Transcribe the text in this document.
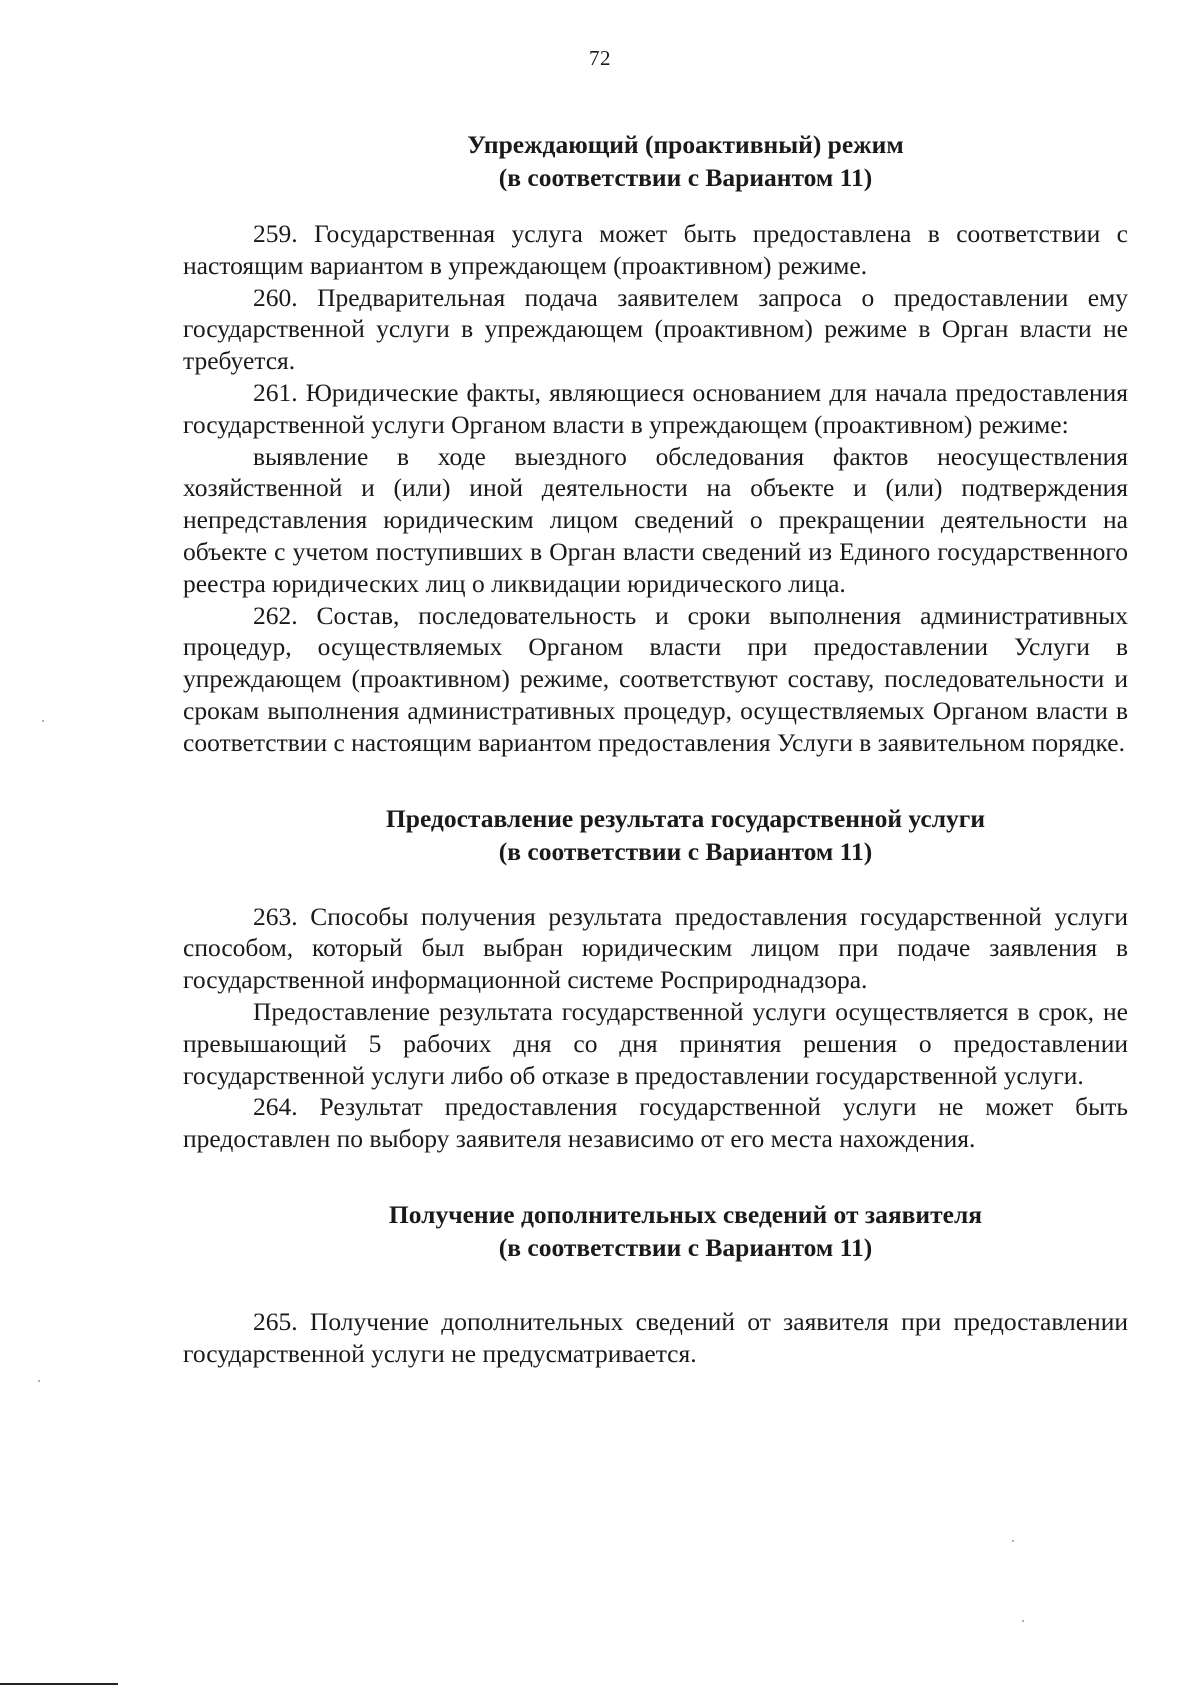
72
Упреждающий (проактивный) режим
(в соответствии с Вариантом 11)

259. Государственная услуга может быть предоставлена в соответствии с настоящим вариантом в упреждающем (проактивном) режиме.

260. Предварительная подача заявителем запроса о предоставлении ему государственной услуги в упреждающем (проактивном) режиме в Орган власти не требуется.

261. Юридические факты, являющиеся основанием для начала предоставления государственной услуги Органом власти в упреждающем (проактивном) режиме:

выявление в ходе выездного обследования фактов неосуществления хозяйственной и (или) иной деятельности на объекте и (или) подтверждения непредставления юридическим лицом сведений о прекращении деятельности на объекте с учетом поступивших в Орган власти сведений из Единого государственного реестра юридических лиц о ликвидации юридического лица.

262. Состав, последовательность и сроки выполнения административных процедур, осуществляемых Органом власти при предоставлении Услуги в упреждающем (проактивном) режиме, соответствуют составу, последовательности и срокам выполнения административных процедур, осуществляемых Органом власти в соответствии с настоящим вариантом предоставления Услуги в заявительном порядке.

Предоставление результата государственной услуги
(в соответствии с Вариантом 11)

263. Способы получения результата предоставления государственной услуги способом, который был выбран юридическим лицом при подаче заявления в государственной информационной системе Росприроднадзора.

Предоставление результата государственной услуги осуществляется в срок, не превышающий 5 рабочих дня со дня принятия решения о предоставлении государственной услуги либо об отказе в предоставлении государственной услуги.

264. Результат предоставления государственной услуги не может быть предоставлен по выбору заявителя независимо от его места нахождения.

Получение дополнительных сведений от заявителя
(в соответствии с Вариантом 11)

265. Получение дополнительных сведений от заявителя при предоставлении государственной услуги не предусматривается.
